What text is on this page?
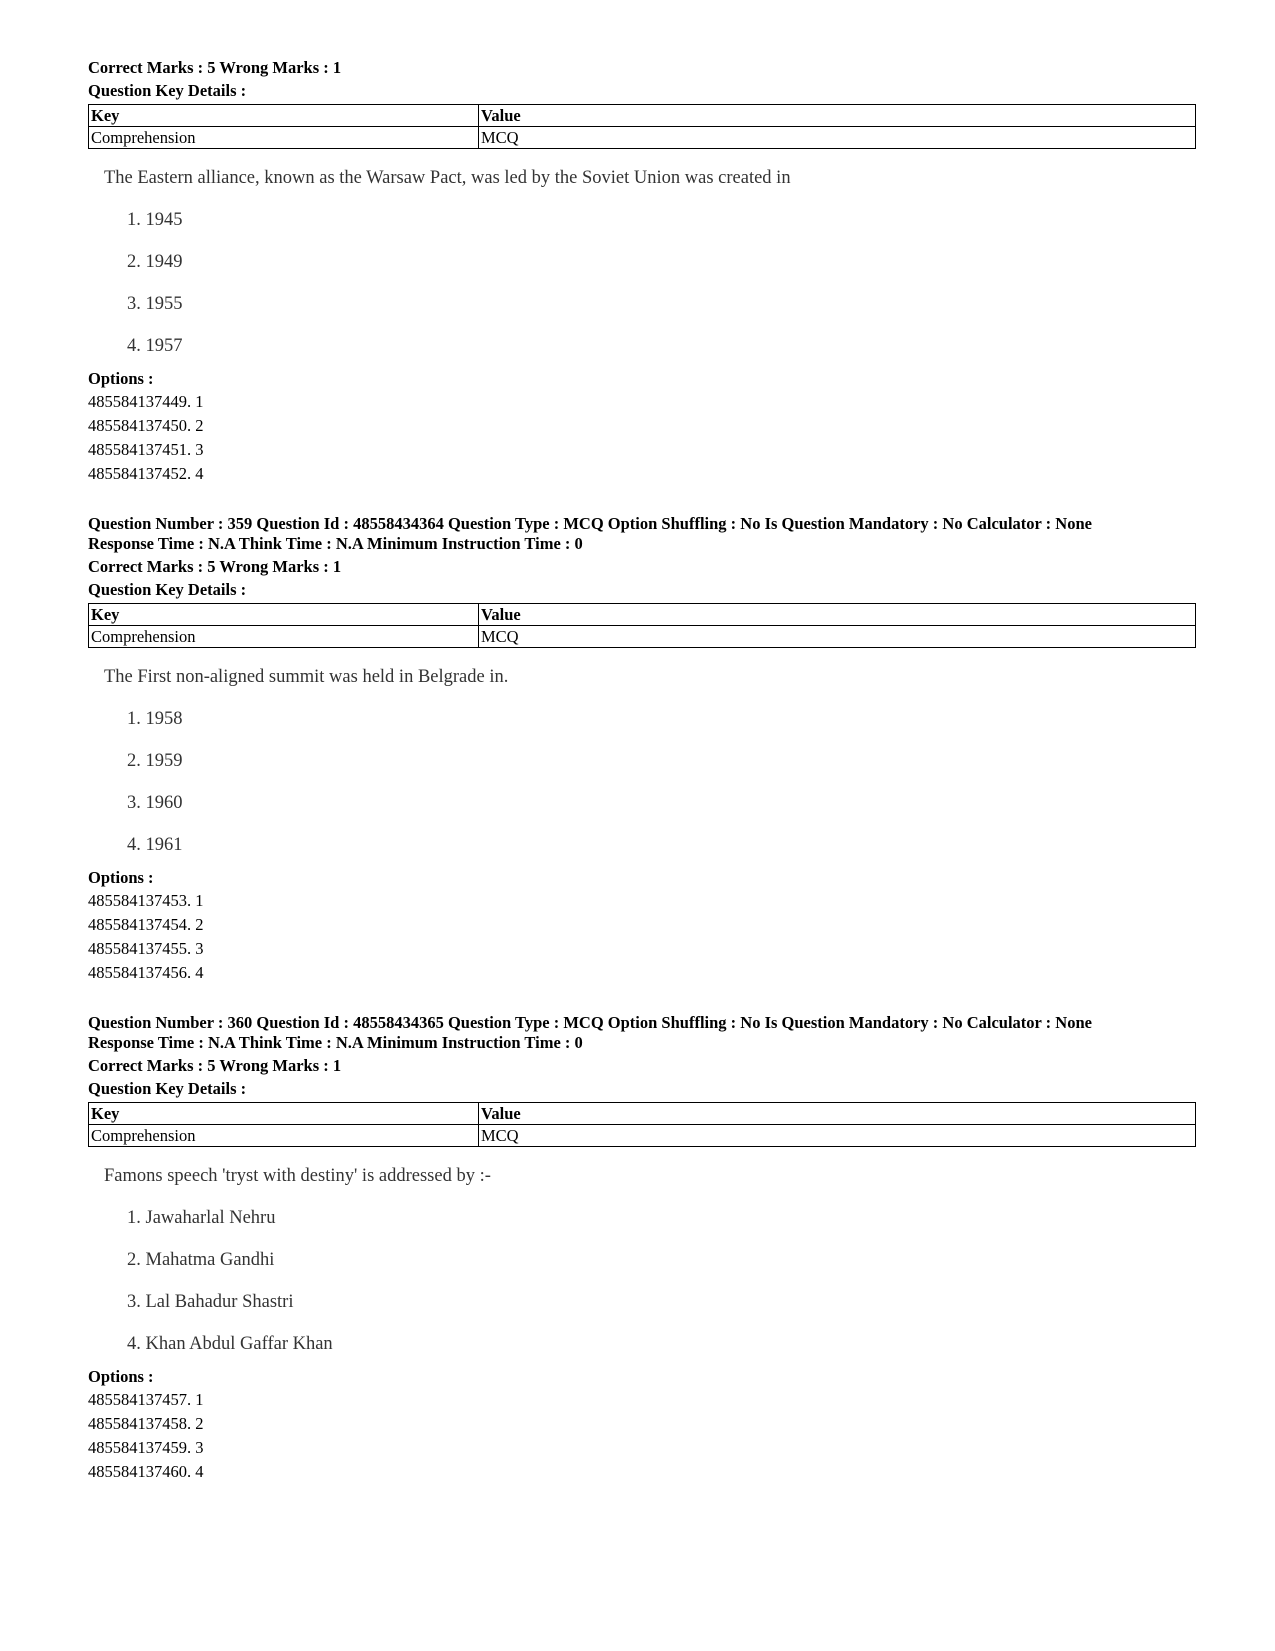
Correct Marks : 5 Wrong Marks : 1

Question Key Details :

Key	Value
Comprehension	MCQ
The Eastern alliance, known as the Warsaw Pact, was led by the Soviet Union was created in
1. 1945
2. 1949
3. 1955
4. 1957
Options :
485584137449. 1
485584137450. 2
485584137451. 3
485584137452. 4
Question Number : 359 Question Id : 48558434364 Question Type : MCQ Option Shuffling : No Is Question Mandatory : No Calculator : None
Response Time : N.A Think Time : N.A Minimum Instruction Time : 0

Correct Marks : 5 Wrong Marks : 1

Question Key Details :

Key	Value
Comprehension	MCQ
The First non-aligned summit was held in Belgrade in.
1. 1958
2. 1959
3. 1960
4. 1961
Options :
485584137453. 1
485584137454. 2
485584137455. 3
485584137456. 4
Question Number : 360 Question Id : 48558434365 Question Type : MCQ Option Shuffling : No Is Question Mandatory : No Calculator : None
Response Time : N.A Think Time : N.A Minimum Instruction Time : 0

Correct Marks : 5 Wrong Marks : 1

Question Key Details :

Key	Value
Comprehension	MCQ
Famons speech 'tryst with destiny' is addressed by :-
1. Jawaharlal Nehru
2. Mahatma Gandhi
3. Lal Bahadur Shastri
4. Khan Abdul Gaffar Khan
Options :
485584137457. 1
485584137458. 2
485584137459. 3
485584137460. 4
